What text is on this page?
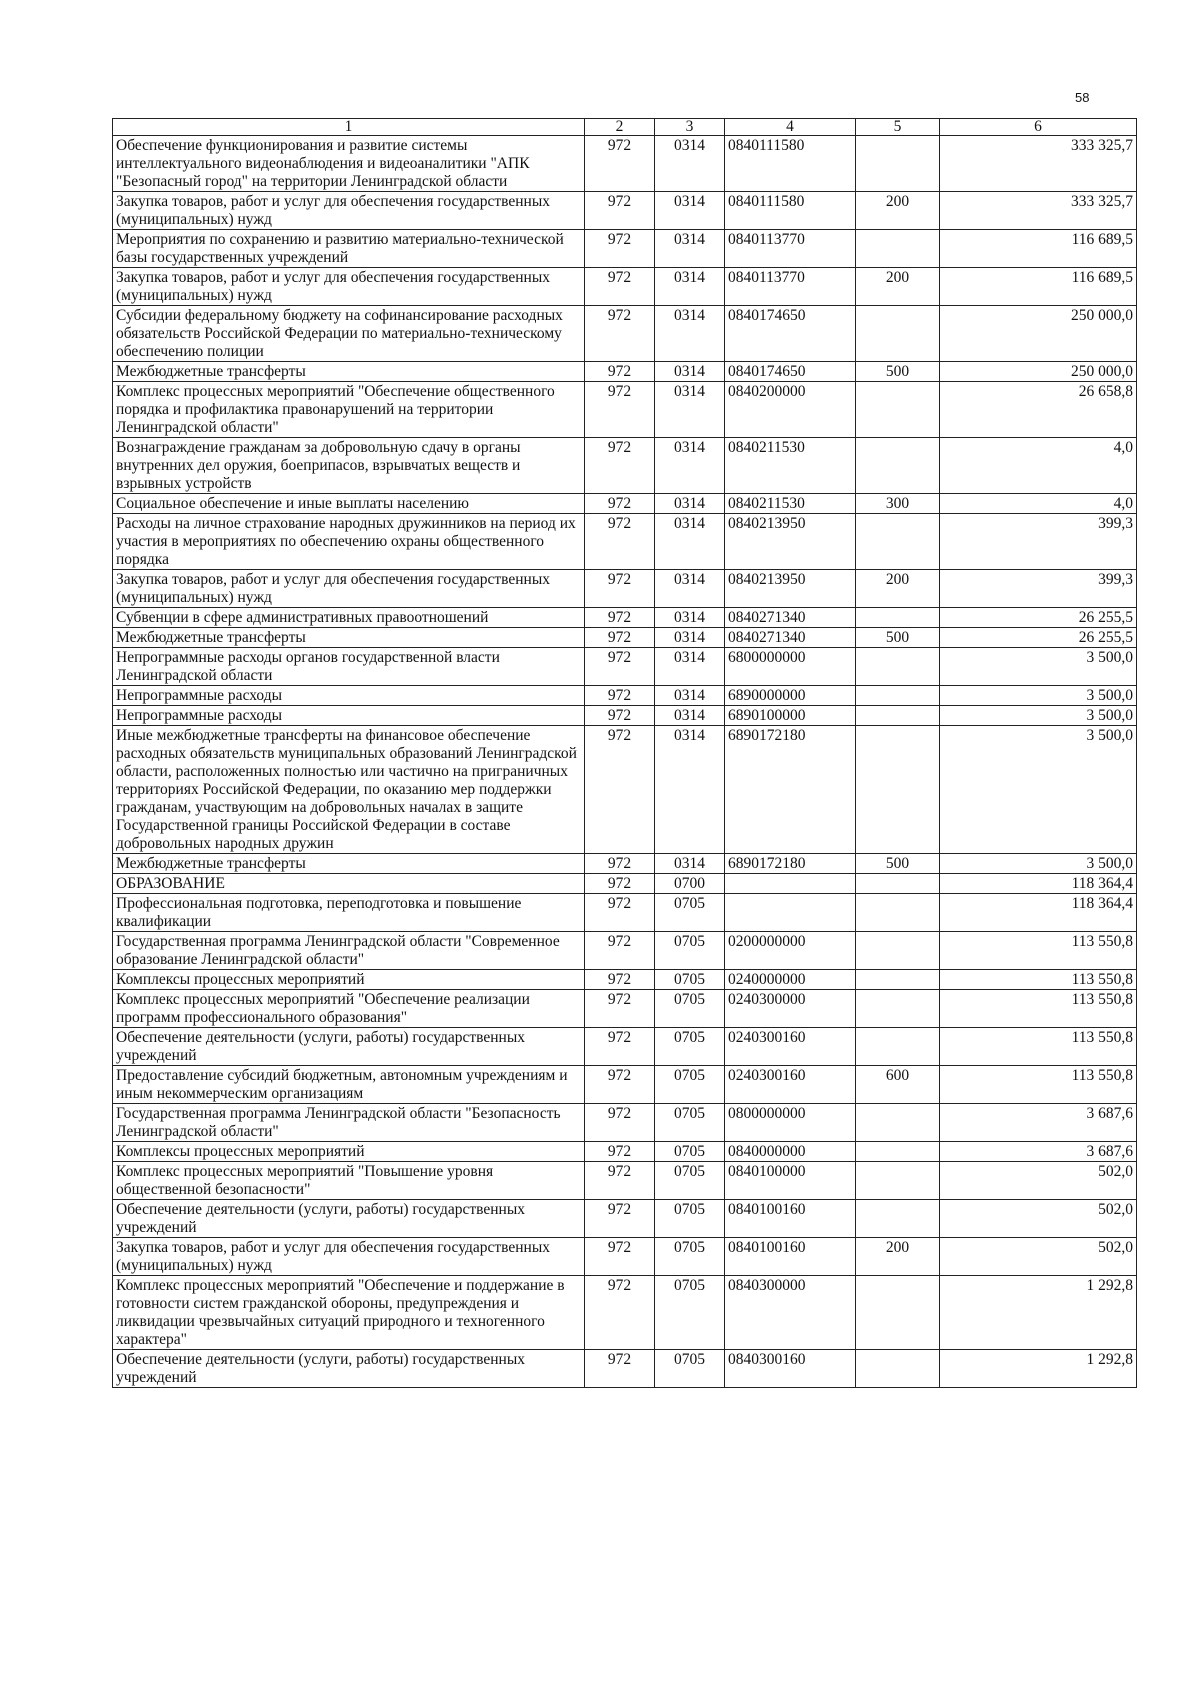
58
1	2	3	4	5	6
Обеспечение функционирования и развитие системы интеллектуального видеонаблюдения и видеоаналитики "АПК "Безопасный город" на территории Ленинградской области	972	0314	0840111580		333 325,7
Закупка товаров, работ и услуг для обеспечения государственных (муниципальных) нужд	972	0314	0840111580	200	333 325,7
Мероприятия по сохранению и развитию материально-технической базы государственных учреждений	972	0314	0840113770		116 689,5
Закупка товаров, работ и услуг для обеспечения государственных (муниципальных) нужд	972	0314	0840113770	200	116 689,5
Субсидии федеральному бюджету на софинансирование расходных обязательств Российской Федерации по материально-техническому обеспечению полиции	972	0314	0840174650		250 000,0
Межбюджетные трансферты	972	0314	0840174650	500	250 000,0
Комплекс процессных мероприятий "Обеспечение общественного порядка и профилактика правонарушений на территории Ленинградской области"	972	0314	0840200000		26 658,8
Вознаграждение гражданам за добровольную сдачу в органы внутренних дел оружия, боеприпасов, взрывчатых веществ и взрывных устройств	972	0314	0840211530		4,0
Социальное обеспечение и иные выплаты населению	972	0314	0840211530	300	4,0
Расходы на личное страхование народных дружинников на период их участия в мероприятиях по обеспечению охраны общественного порядка	972	0314	0840213950		399,3
Закупка товаров, работ и услуг для обеспечения государственных (муниципальных) нужд	972	0314	0840213950	200	399,3
Субвенции в сфере административных правоотношений	972	0314	0840271340		26 255,5
Межбюджетные трансферты	972	0314	0840271340	500	26 255,5
Непрограммные расходы органов государственной власти Ленинградской области	972	0314	6800000000		3 500,0
Непрограммные расходы	972	0314	6890000000		3 500,0
Непрограммные расходы	972	0314	6890100000		3 500,0
Иные межбюджетные трансферты на финансовое обеспечение расходных обязательств муниципальных образований Ленинградской области, расположенных полностью или частично на приграничных территориях Российской Федерации, по оказанию мер поддержки гражданам, участвующим на добровольных началах в защите Государственной границы Российской Федерации в составе добровольных народных дружин	972	0314	6890172180		3 500,0
Межбюджетные трансферты	972	0314	6890172180	500	3 500,0
ОБРАЗОВАНИЕ	972	0700			118 364,4
Профессиональная подготовка, переподготовка и повышение квалификации	972	0705			118 364,4
Государственная программа Ленинградской области "Современное образование Ленинградской области"	972	0705	0200000000		113 550,8
Комплексы процессных мероприятий	972	0705	0240000000		113 550,8
Комплекс процессных мероприятий "Обеспечение реализации программ профессионального образования"	972	0705	0240300000		113 550,8
Обеспечение деятельности (услуги, работы) государственных учреждений	972	0705	0240300160		113 550,8
Предоставление субсидий бюджетным, автономным учреждениям и иным некоммерческим организациям	972	0705	0240300160	600	113 550,8
Государственная программа Ленинградской области "Безопасность Ленинградской области"	972	0705	0800000000		3 687,6
Комплексы процессных мероприятий	972	0705	0840000000		3 687,6
Комплекс процессных мероприятий "Повышение уровня общественной безопасности"	972	0705	0840100000		502,0
Обеспечение деятельности (услуги, работы) государственных учреждений	972	0705	0840100160		502,0
Закупка товаров, работ и услуг для обеспечения государственных (муниципальных) нужд	972	0705	0840100160	200	502,0
Комплекс процессных мероприятий "Обеспечение и поддержание в готовности систем гражданской обороны, предупреждения и ликвидации чрезвычайных ситуаций природного и техногенного характера"	972	0705	0840300000		1 292,8
Обеспечение деятельности (услуги, работы) государственных учреждений	972	0705	0840300160		1 292,8
